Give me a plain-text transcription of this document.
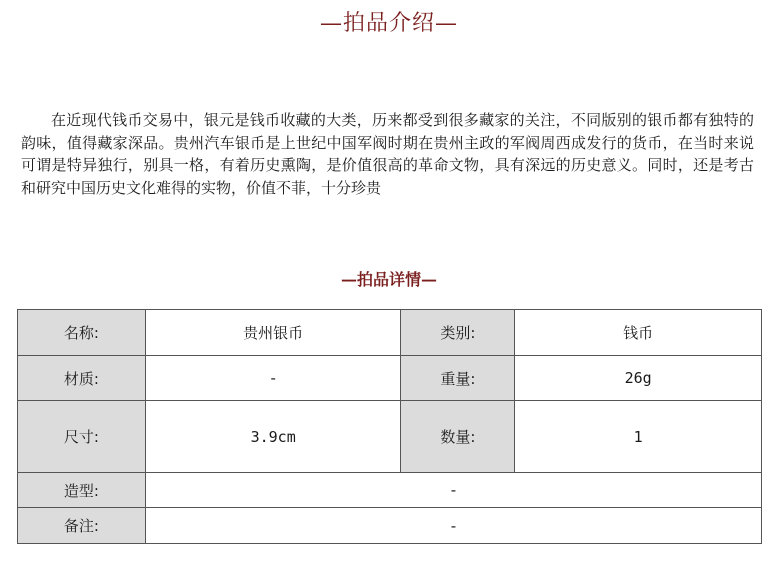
—拍品介绍—

在近现代钱币交易中，银元是钱币收藏的大类，历来都受到很多藏家的关注，不同版别的银币都有独特的韵味，值得藏家深品。贵州汽车银币是上世纪中国军阀时期在贵州主政的军阀周西成发行的货币，在当时来说可谓是特异独行，别具一格，有着历史熏陶，是价值很高的革命文物，具有深远的历史意义。同时，还是考古和研究中国历史文化难得的实物，价值不菲，十分珍贵

—拍品详情—
名称:	贵州银币	类别:	钱币
材质:	-	重量:	26g
尺寸:	3.9cm	数量:	1
造型:	-		
备注:	-		
